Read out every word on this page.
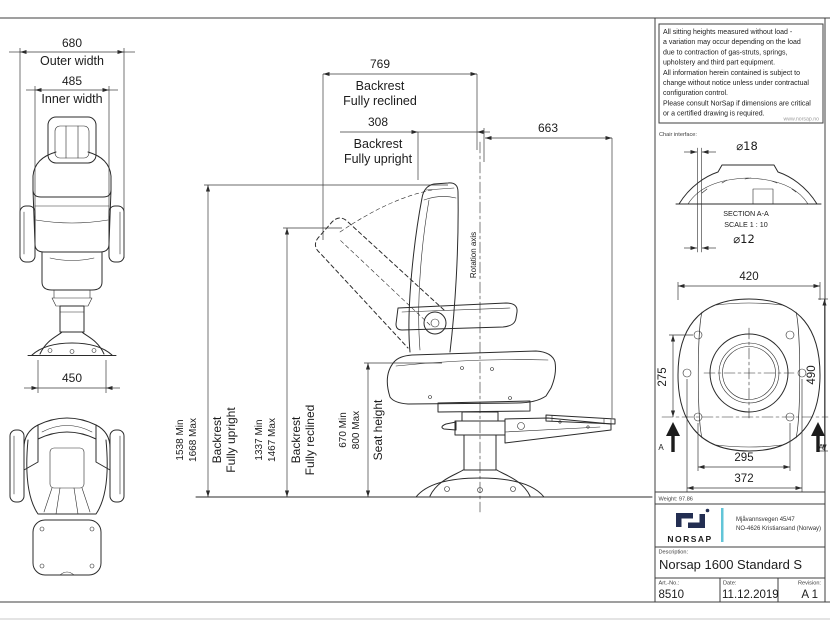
680
Outer width
485
Inner width
450
Rotation axis
769
Backrest
Fully reclined
308
Backrest
Fully upright
663
1538 Min 1668 Max Backrest Fully upright 1337 Min 1467 Max Backrest Fully reclined 670 Min 800 Max Seat height
Chair interface:
⌀18
SECTION A-A
SCALE 1 : 10
⌀12
420
490
275
A	A
295
372
All sitting heights measured without load -
a variation may occur depending on the load
due to contraction of gas-struts, springs,
upholstery and third part equipment.
All information herein contained is subject to
change without notice unless under contractual
configuration control.
Please consult NorSap if dimensions are critical
or a certified drawing is required.
www.norsap.no
Weight: 97.86
NORSAP
Mjåvannsvegen 45/47
NO-4626 Kristiansand (Norway)
Description:
Norsap 1600 Standard S
Art.-No.:
8510
Date:
11.12.2019
Revision:
A 1
